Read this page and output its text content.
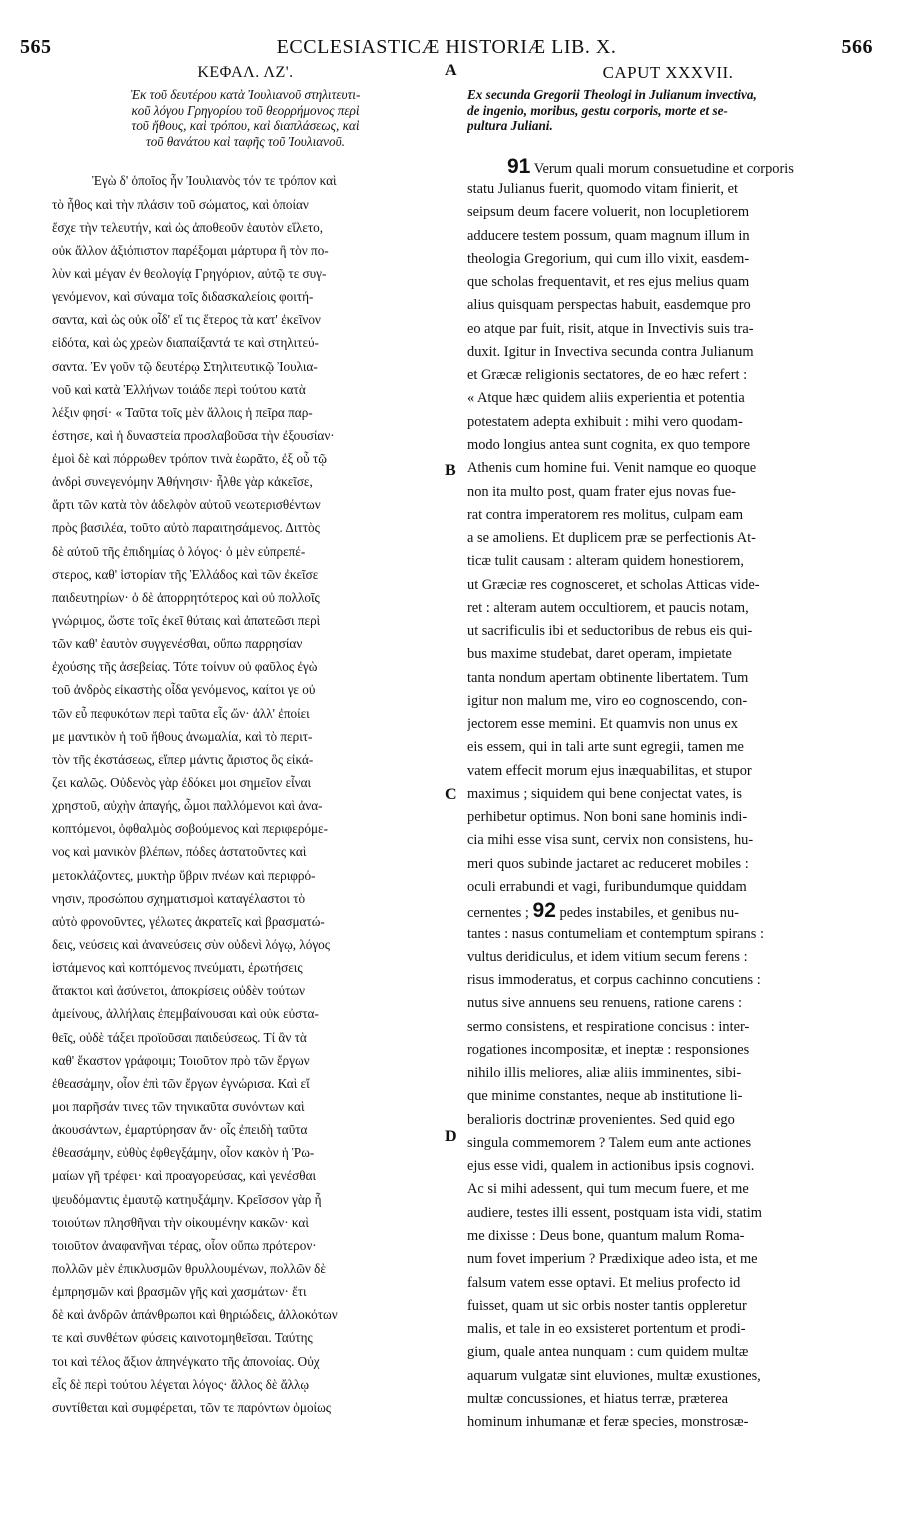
565	ECCLESIASTICÆ HISTORIÆ LIB. X.	566
ΚΕΦΑΛ. ΛΖ'.
Ἐκ τοῦ δευτέρου κατὰ Ἰουλιανοῦ στηλιτευτι-
κοῦ λόγου Γρηγορίου τοῦ θεορρήμονος περὶ
τοῦ ἤθους, καὶ τρόπου, καὶ διαπλάσεως, καὶ
τοῦ θανάτου καὶ ταφῆς τοῦ Ἰουλιανοῦ.
Ἐγὼ δ' ὁποῖος ἦν Ἰουλιανὸς τόν τε τρόπον καὶ
τὸ ἦθος καὶ τὴν πλάσιν τοῦ σώματος, καὶ ὁποίαν
ἔσχε τὴν τελευτήν, καὶ ὡς ἀποθεοῦν ἑαυτὸν εἵλετο,
οὐκ ἄλλον ἀξιόπιστον παρέξομαι μάρτυρα ἢ τὸν πο-
λὺν καὶ μέγαν ἐν θεολογίᾳ Γρηγόριον, αὐτῷ τε συγ-
γενόμενον, καὶ σύναμα τοῖς διδασκαλείοις φοιτή-
σαντα, καὶ ὡς οὐκ οἶδ' εἴ τις ἕτερος τὰ κατ' ἐκεῖνον
εἰδότα, καὶ ὡς χρεὼν διαπαίξαντά τε καὶ στηλιτεύ-
σαντα. Ἐν γοῦν τῷ δευτέρῳ Στηλιτευτικῷ Ἰουλια-
νοῦ καὶ κατὰ Ἑλλήνων τοιάδε περὶ τούτου κατὰ
λέξιν φησί· « Ταῦτα τοῖς μὲν ἄλλοις ἡ πεῖρα παρ-
έστησε, καὶ ἡ δυναστεία προσλαβοῦσα τὴν ἐξουσίαν·
ἐμοὶ δὲ καὶ πόρρωθεν τρόπον τινὰ ἑωρᾶτο, ἐξ οὗ τῷ
ἀνδρὶ συνεγενόμην Ἀθήνησιν· ἦλθε γὰρ κἀκεῖσε,
ἄρτι τῶν κατὰ τὸν ἀδελφὸν αὐτοῦ νεωτερισθέντων
πρὸς βασιλέα, τοῦτο αὐτὸ παραιτησάμενος. Διττὸς
δὲ αὐτοῦ τῆς ἐπιδημίας ὁ λόγος· ὁ μὲν εὐπρεπέ-
στερος, καθ' ἱστορίαν τῆς Ἑλλάδος καὶ τῶν ἐκεῖσε
παιδευτηρίων· ὁ δὲ ἀπορρητότερος καὶ οὐ πολλοῖς
γνώριμος, ὥστε τοῖς ἐκεῖ θύταις καὶ ἀπατεῶσι περὶ
τῶν καθ' ἑαυτὸν συγγενέσθαι, οὔπω παρρησίαν
ἐχούσης τῆς ἀσεβείας. Τότε τοίνυν οὐ φαῦλος ἐγὼ
τοῦ ἀνδρὸς εἰκαστὴς οἶδα γενόμενος, καίτοι γε οὐ
τῶν εὖ πεφυκότων περὶ ταῦτα εἷς ὤν· ἀλλ' ἐποίει
με μαντικὸν ἡ τοῦ ἤθους ἀνωμαλία, καὶ τὸ περιτ-
τὸν τῆς ἐκστάσεως, εἴπερ μάντις ἄριστος ὃς εἰκά-
ζει καλῶς. Οὐδενὸς γὰρ ἐδόκει μοι σημεῖον εἶναι
χρηστοῦ, αὐχὴν ἀπαγής, ὦμοι παλλόμενοι καὶ ἀνα-
κοπτόμενοι, ὀφθαλμὸς σοβούμενος καὶ περιφερόμε-
νος καὶ μανικὸν βλέπων, πόδες ἀστατοῦντες καὶ
μετοκλάζοντες, μυκτὴρ ὕβριν πνέων καὶ περιφρό-
νησιν, προσώπου σχηματισμοὶ καταγέλαστοι τὸ
αὐτὸ φρονοῦντες, γέλωτες ἀκρατεῖς καὶ βρασματώ-
δεις, νεύσεις καὶ ἀνανεύσεις σὺν οὐδενὶ λόγῳ, λόγος
ἱστάμενος καὶ κοπτόμενος πνεύματι, ἐρωτήσεις
ἄτακτοι καὶ ἀσύνετοι, ἀποκρίσεις οὐδὲν τούτων
ἀμείνους, ἀλλήλαις ἐπεμβαίνουσαι καὶ οὐκ εὐστα-
θεῖς, οὐδὲ τάξει προϊοῦσαι παιδεύσεως. Τί ἂν τὰ
καθ' ἕκαστον γράφοιμι; Τοιοῦτον πρὸ τῶν ἔργων
ἐθεασάμην, οἷον ἐπὶ τῶν ἔργων ἐγνώρισα. Καὶ εἴ
μοι παρῆσάν τινες τῶν τηνικαῦτα συνόντων καὶ
ἀκουσάντων, ἐμαρτύρησαν ἄν· οἷς ἐπειδὴ ταῦτα
ἐθεασάμην, εὐθὺς ἐφθεγξάμην, οἷον κακὸν ἡ Ῥω-
μαίων γῆ τρέφει· καὶ προαγορεύσας, καὶ γενέσθαι
ψευδόμαντις ἐμαυτῷ κατηυξάμην. Κρεῖσσον γὰρ ἦ
τοιούτων πλησθῆναι τὴν οἰκουμένην κακῶν· καὶ
τοιοῦτον ἀναφανῆναι τέρας, οἷον οὔπω πρότερον·
πολλῶν μὲν ἐπικλυσμῶν θρυλλουμένων, πολλῶν δὲ
ἐμπρησμῶν καὶ βρασμῶν γῆς καὶ χασμάτων· ἔτι
δὲ καὶ ἀνδρῶν ἀπάνθρωποι καὶ θηριώδεις, ἀλλοκότων
τε καὶ συνθέτων φύσεις καινοτομηθεῖσαι. Ταύτης
τοι καὶ τέλος ἄξιον ἀπηνέγκατο τῆς ἀπονοίας. Οὐχ
εἷς δὲ περὶ τούτου λέγεται λόγος· ἄλλος δὲ ἄλλῳ
συντίθεται καὶ συμφέρεται, τῶν τε παρόντων ὁμοίως
A
B
C
D
CAPUT XXXVII.
Ex secunda Gregorii Theologi in Julianum invectiva,
de ingenio, moribus, gestu corporis, morte et se-
pultura Juliani.
91 Verum quali morum consuetudine et corporis
statu Julianus fuerit, quomodo vitam finierit, et
seipsum deum facere voluerit, non locupletiorem
adducere testem possum, quam magnum illum in
theologia Gregorium, qui cum illo vixit, easdem-
que scholas frequentavit, et res ejus melius quam
alius quisquam perspectas habuit, easdemque pro
eo atque par fuit, risit, atque in Invectivis suis tra-
duxit. Igitur in Invectiva secunda contra Julianum
et Græcæ religionis sectatores, de eo hæc refert :
« Atque hæc quidem aliis experientia et potentia
potestatem adepta exhibuit : mihi vero quodam-
modo longius antea sunt cognita, ex quo tempore
Athenis cum homine fui. Venit namque eo quoque
non ita multo post, quam frater ejus novas fue-
rat contra imperatorem res molitus, culpam eam
a se amoliens. Et duplicem præ se perfectionis At-
ticæ tulit causam : alteram quidem honestiorem,
ut Græciæ res cognosceret, et scholas Atticas vide-
ret : alteram autem occultiorem, et paucis notam,
ut sacrificulis ibi et seductoribus de rebus eis qui-
bus maxime studebat, daret operam, impietate
tanta nondum apertam obtinente libertatem. Tum
igitur non malum me, viro eo cognoscendo, con-
jectorem esse memini. Et quamvis non unus ex
eis essem, qui in tali arte sunt egregii, tamen me
vatem effecit morum ejus inæquabilitas, et stupor
maximus ; siquidem qui bene conjectat vates, is
perhibetur optimus. Non boni sane hominis indi-
cia mihi esse visa sunt, cervix non consistens, hu-
meri quos subinde jactaret ac reduceret mobiles :
oculi errabundi et vagi, furibundumque quiddam
cernentes ; 92 pedes instabiles, et genibus nu-
tantes : nasus contumeliam et contemptum spirans :
vultus deridiculus, et idem vitium secum ferens :
risus immoderatus, et corpus cachinno concutiens :
nutus sive annuens seu renuens, ratione carens :
sermo consistens, et respiratione concisus : inter-
rogationes incompositæ, et ineptæ : responsiones
nihilo illis meliores, aliæ aliis imminentes, sibi-
que minime constantes, neque ab institutione li-
beralioris doctrinæ provenientes. Sed quid ego
singula commemorem ? Talem eum ante actiones
ejus esse vidi, qualem in actionibus ipsis cognovi.
Ac si mihi adessent, qui tum mecum fuere, et me
audiere, testes illi essent, postquam ista vidi, statim
me dixisse : Deus bone, quantum malum Roma-
num fovet imperium ? Prædixique adeo ista, et me
falsum vatem esse optavi. Et melius profecto id
fuisset, quam ut sic orbis noster tantis oppleretur
malis, et tale in eo exsisteret portentum et prodi-
gium, quale antea nunquam : cum quidem multæ
aquarum vulgatæ sint eluviones, multæ exustiones,
multæ concussiones, et hiatus terræ, præterea
hominum inhumanæ et feræ species, monstrosæ-
